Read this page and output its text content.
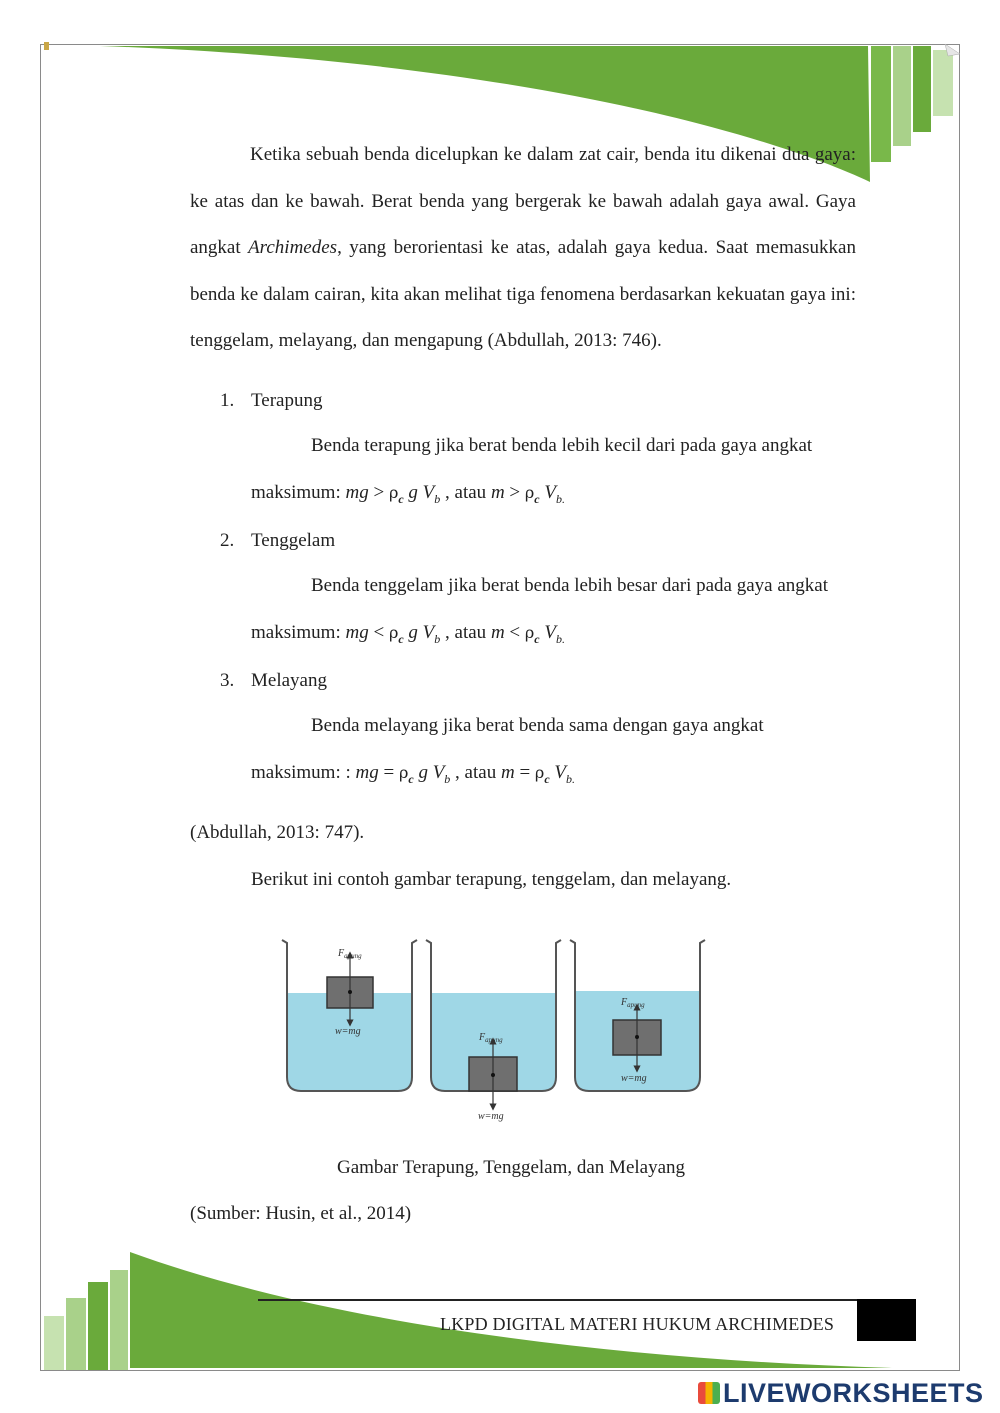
Ketika sebuah benda dicelupkan ke dalam zat cair, benda itu dikenai dua gaya: ke atas dan ke bawah. Berat benda yang bergerak ke bawah adalah gaya awal. Gaya angkat Archimedes, yang berorientasi ke atas, adalah gaya kedua. Saat memasukkan benda ke dalam cairan, kita akan melihat tiga fenomena berdasarkan kekuatan gaya ini: tenggelam, melayang, dan mengapung (Abdullah, 2013: 746).

1. Terapung

Benda terapung jika berat benda lebih kecil dari pada gaya angkat

maksimum: mg > $\rho_c$ g $V_b$ , atau $m > \rho_c$ $V_{b.}$
2. Tenggelam

Benda tenggelam jika berat benda lebih besar dari pada gaya angkat

maksimum: mg < $\rho_c$ g $V_b$ , atau $m < \rho_c$ $V_{b.}$
3. Melayang

Benda melayang jika berat benda sama dengan gaya angkat

maksimum: : mg = $\rho_c$ g $V_b$ , atau $m = \rho_c$ $V_{b.}$
(Abdullah, 2013: 747).
Berikut ini contoh gambar terapung, tenggelam, dan melayang.
$F_{apung}$
w=mg
$F_{apung}$
w=mg
$F_{apung}$
w=mg
Gambar Terapung, Tenggelam, dan Melayang
(Sumber: Husin, et al., 2014)
LKPD DIGITAL MATERI HUKUM ARCHIMEDES
LIVEWORKSHEETS
